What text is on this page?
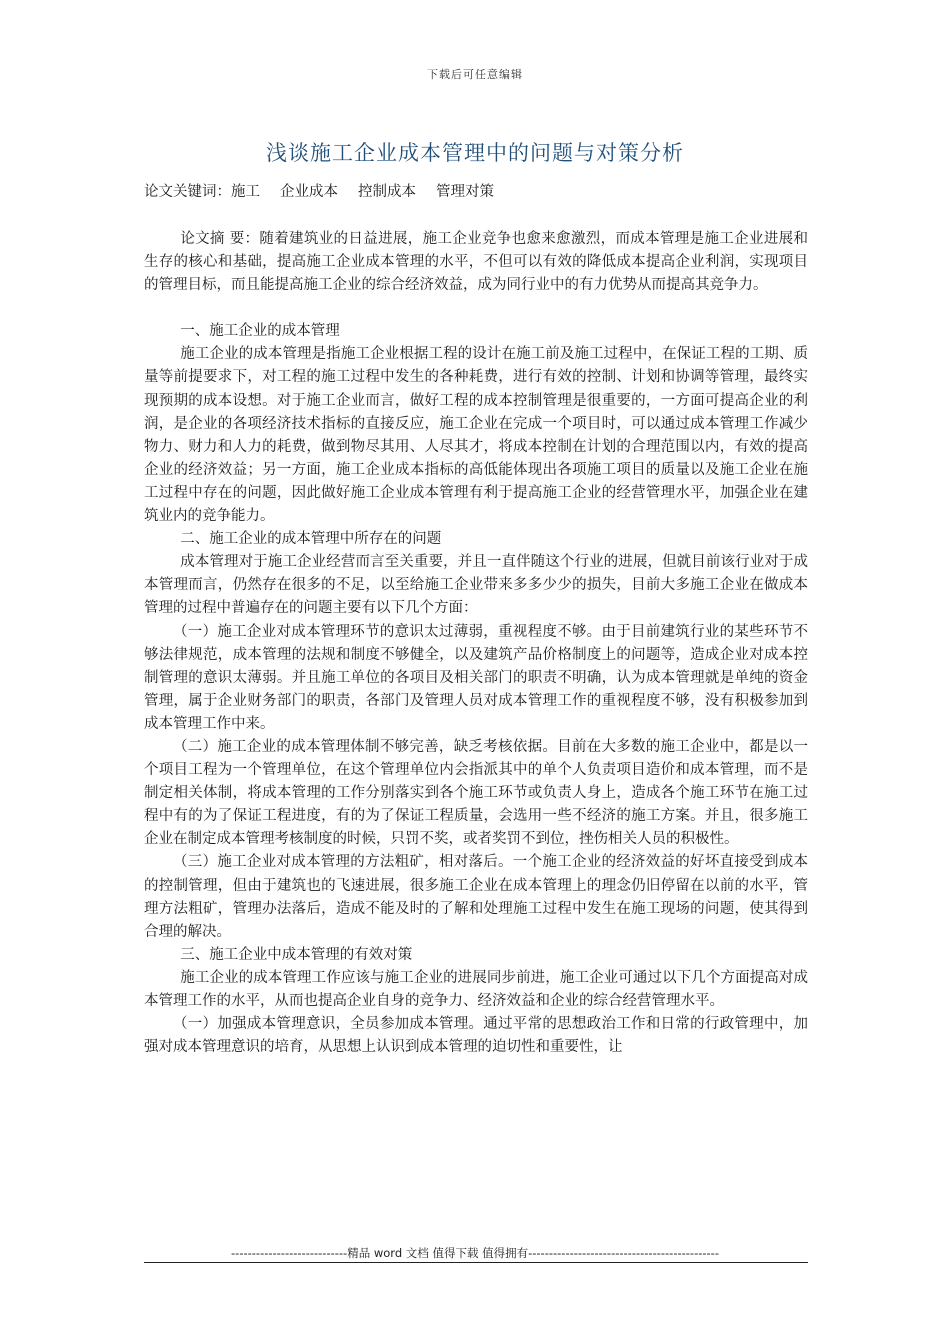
下载后可任意编辑
浅谈施工企业成本管理中的问题与对策分析
论文关键词：施工 企业成本 控制成本 管理对策

论文摘 要：随着建筑业的日益进展，施工企业竞争也愈来愈激烈，而成本管理是施工企业进展和生存的核心和基础，提高施工企业成本管理的水平，不但可以有效的降低成本提高企业利润，实现项目的管理目标，而且能提高施工企业的综合经济效益，成为同行业中的有力优势从而提高其竞争力。

一、施工企业的成本管理

施工企业的成本管理是指施工企业根据工程的设计在施工前及施工过程中，在保证工程的工期、质量等前提要求下，对工程的施工过程中发生的各种耗费，进行有效的控制、计划和协调等管理，最终实现预期的成本设想。对于施工企业而言，做好工程的成本控制管理是很重要的，一方面可提高企业的利润，是企业的各项经济技术指标的直接反应，施工企业在完成一个项目时，可以通过成本管理工作减少物力、财力和人力的耗费，做到物尽其用、人尽其才，将成本控制在计划的合理范围以内，有效的提高企业的经济效益；另一方面，施工企业成本指标的高低能体现出各项施工项目的质量以及施工企业在施工过程中存在的问题，因此做好施工企业成本管理有利于提高施工企业的经营管理水平，加强企业在建筑业内的竞争能力。

二、施工企业的成本管理中所存在的问题

成本管理对于施工企业经营而言至关重要，并且一直伴随这个行业的进展，但就目前该行业对于成本管理而言，仍然存在很多的不足，以至给施工企业带来多多少少的损失，目前大多施工企业在做成本管理的过程中普遍存在的问题主要有以下几个方面：

（一）施工企业对成本管理环节的意识太过薄弱，重视程度不够。由于目前建筑行业的某些环节不够法律规范，成本管理的法规和制度不够健全，以及建筑产品价格制度上的问题等，造成企业对成本控制管理的意识太薄弱。并且施工单位的各项目及相关部门的职责不明确，认为成本管理就是单纯的资金管理，属于企业财务部门的职责，各部门及管理人员对成本管理工作的重视程度不够，没有积极参加到成本管理工作中来。

（二）施工企业的成本管理体制不够完善，缺乏考核依据。目前在大多数的施工企业中，都是以一个项目工程为一个管理单位，在这个管理单位内会指派其中的单个人负责项目造价和成本管理，而不是制定相关体制，将成本管理的工作分别落实到各个施工环节或负责人身上，造成各个施工环节在施工过程中有的为了保证工程进度，有的为了保证工程质量，会选用一些不经济的施工方案。并且，很多施工企业在制定成本管理考核制度的时候，只罚不奖，或者奖罚不到位，挫伤相关人员的积极性。

（三）施工企业对成本管理的方法粗矿，相对落后。一个施工企业的经济效益的好坏直接受到成本的控制管理，但由于建筑也的飞速进展，很多施工企业在成本管理上的理念仍旧停留在以前的水平，管理方法粗矿，管理办法落后，造成不能及时的了解和处理施工过程中发生在施工现场的问题，使其得到合理的解决。

三、施工企业中成本管理的有效对策

施工企业的成本管理工作应该与施工企业的进展同步前进，施工企业可通过以下几个方面提高对成本管理工作的水平，从而也提高企业自身的竞争力、经济效益和企业的综合经营管理水平。

（一）加强成本管理意识，全员参加成本管理。通过平常的思想政治工作和日常的行政管理中，加强对成本管理意识的培育，从思想上认识到成本管理的迫切性和重要性，让

----------------------------精品 word 文档 值得下载 值得拥有----------------------------------------------
